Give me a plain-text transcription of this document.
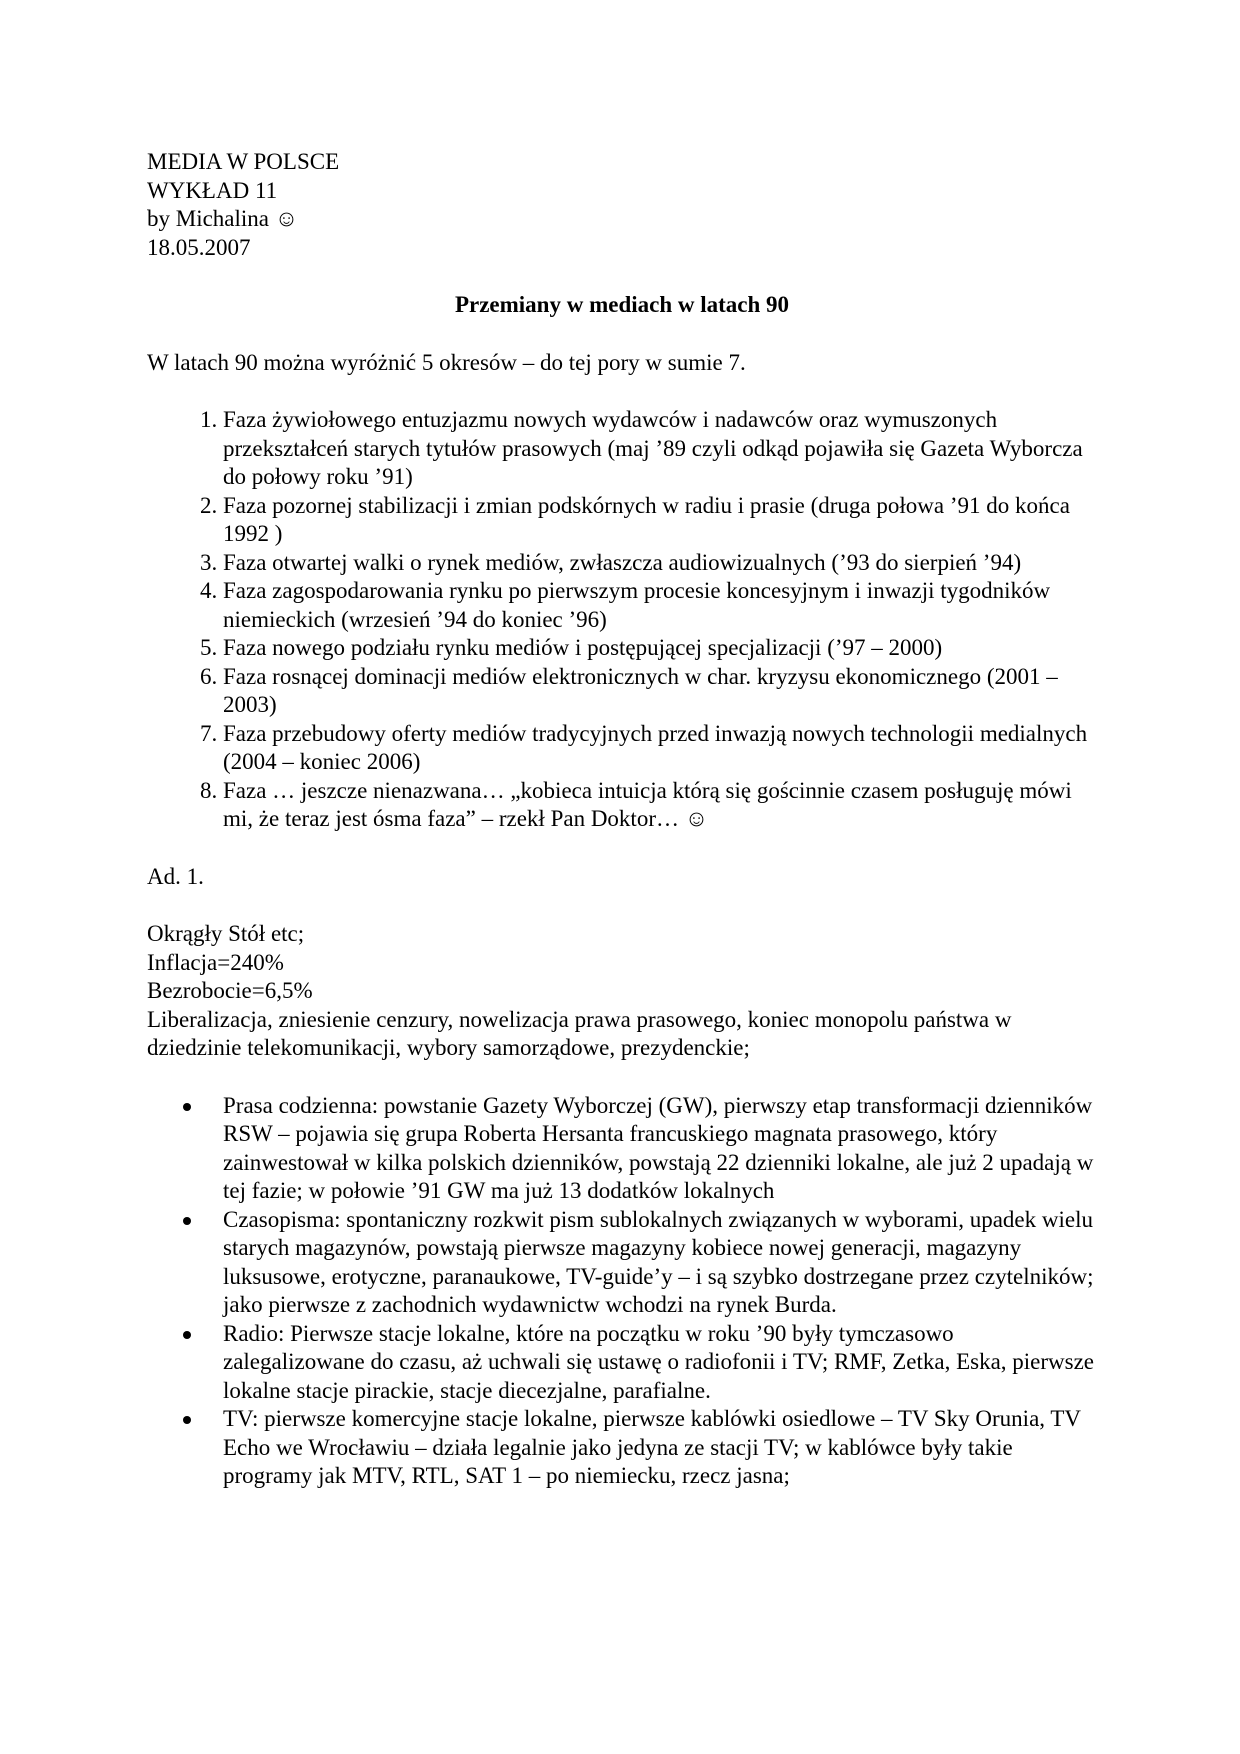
MEDIA W POLSCE

WYKŁAD 11

by Michalina ☺

18.05.2007

Przemiany w mediach w latach 90

W latach 90 można wyróżnić 5 okresów – do tej pory w sumie 7.

1. Faza żywiołowego entuzjazmu nowych wydawców i nadawców oraz wymuszonych przekształceń starych tytułów prasowych (maj ’89 czyli odkąd pojawiła się Gazeta Wyborcza do połowy roku ’91)
2. Faza pozornej stabilizacji i zmian podskórnych w radiu i prasie (druga połowa ’91 do końca 1992 )
3. Faza otwartej walki o rynek mediów, zwłaszcza audiowizualnych (’93 do sierpień ’94)
4. Faza zagospodarowania rynku po pierwszym procesie koncesyjnym i inwazji tygodników niemieckich (wrzesień ’94 do koniec ’96)
5. Faza nowego podziału rynku mediów i postępującej specjalizacji (’97 – 2000)
6. Faza rosnącej dominacji mediów elektronicznych w char. kryzysu ekonomicznego (2001 – 2003)
7. Faza przebudowy oferty mediów tradycyjnych przed inwazją nowych technologii medialnych (2004 – koniec 2006)
8. Faza … jeszcze nienazwana… „kobieca intuicja którą się gościnnie czasem posługuję mówi mi, że teraz jest ósma faza” – rzekł Pan Doktor… ☺

Ad. 1.

Okrągły Stół etc;

Inflacja=240%

Bezrobocie=6,5%

Liberalizacja, zniesienie cenzury, nowelizacja prawa prasowego, koniec monopolu państwa w dziedzinie telekomunikacji, wybory samorządowe, prezydenckie;

Prasa codzienna: powstanie Gazety Wyborczej (GW), pierwszy etap transformacji dzienników RSW – pojawia się grupa Roberta Hersanta francuskiego magnata prasowego, który zainwestował w kilka polskich dzienników, powstają 22 dzienniki lokalne, ale już 2 upadają w tej fazie; w połowie ’91 GW ma już 13 dodatków lokalnych
Czasopisma: spontaniczny rozkwit pism sublokalnych związanych w wyborami, upadek wielu starych magazynów, powstają pierwsze magazyny kobiece nowej generacji, magazyny luksusowe, erotyczne, paranaukowe, TV-guide’y – i są szybko dostrzegane przez czytelników; jako pierwsze z zachodnich wydawnictw wchodzi na rynek Burda.
Radio: Pierwsze stacje lokalne, które na początku w roku ’90 były tymczasowo zalegalizowane do czasu, aż uchwali się ustawę o radiofonii i TV; RMF, Zetka, Eska, pierwsze lokalne stacje pirackie, stacje diecezjalne, parafialne.
TV: pierwsze komercyjne stacje lokalne, pierwsze kablówki osiedlowe – TV Sky Orunia, TV Echo we Wrocławiu – działa legalnie jako jedyna ze stacji TV; w kablówce były takie programy jak MTV, RTL, SAT 1 – po niemiecku, rzecz jasna;
